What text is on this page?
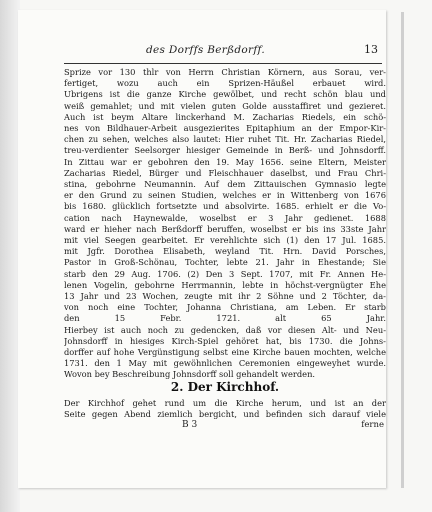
des Dorffs Berßdorff.	13
Sprize vor 130 thlr von Herrn Christian Körnern, aus Sorau, ver-
fertiget, wozu auch ein Sprizen-Häußel erbauet wird.
Ubrigens ist die ganze Kirche gewölbet, und recht schön blau und
weiß gemahlet; und mit vielen guten Golde ausstaffiret und gezieret.
Auch ist beym Altare linckerhand M. Zacharias Riedels, ein schö-
nes von Bildhauer-Arbeit ausgezierites Epitaphium an der Empor-Kir-
chen zu sehen, welches also lautet: Hier ruhet Tit. Hr. Zacharias Riedel,
treu-verdienter Seelsorger hiesiger Gemeinde in Berß- und Johnsdorff.
In Zittau war er gebohren den 19. May 1656. seine Eltern, Meister
Zacharias Riedel, Bürger und Fleischhauer daselbst, und Frau Chri-
stina, gebohrne Neumannin. Auf dem Zittauischen Gymnasio legte
er den Grund zu seinen Studien, welches er in Wittenberg von 1676
bis 1680. glücklich fortsetzte und absolvirte. 1685. erhielt er die Vo-
cation nach Haynewalde, woselbst er 3 Jahr gedienet. 1688
ward er hieher nach Berßdorff beruffen, woselbst er bis ins 33ste Jahr
mit viel Seegen gearbeitet. Er verehlichte sich (1) den 17 Jul. 1685.
mit Jgfr. Dorothea Elisabeth, weyland Tit. Hrn. David Porsches,
Pastor in Groß-Schönau, Tochter, lebte 21. Jahr in Ehestande; Sie
starb den 29 Aug. 1706. (2) Den 3 Sept. 1707, mit Fr. Annen He-
lenen Vogelin, gebohrne Herrmannin, lebte in höchst-vergnügter Ehe
13 Jahr und 23 Wochen, zeugte mit ihr 2 Söhne und 2 Töchter, da-
von noch eine Tochter, Johanna Christiana, am Leben. Er starb
den 15 Febr. 1721. alt 65 Jahr.
Hierbey ist auch noch zu gedencken, daß vor diesen Alt- und Neu-
Johnsdorff in hiesiges Kirch-Spiel gehöret hat, bis 1730. die Johns-
dorffer auf hohe Vergünstigung selbst eine Kirche bauen mochten, welche
1731. den 1 May mit gewöhnlichen Ceremonien eingeweyhet wurde.
Wovon bey Beschreibung Johnsdorff soll gehandelt werden.
2. Der Kirchhof.
Der Kirchhof gehet rund um die Kirche herum, und ist an der
Seite gegen Abend ziemlich bergicht, und befinden sich darauf viele
B 3	ferne
